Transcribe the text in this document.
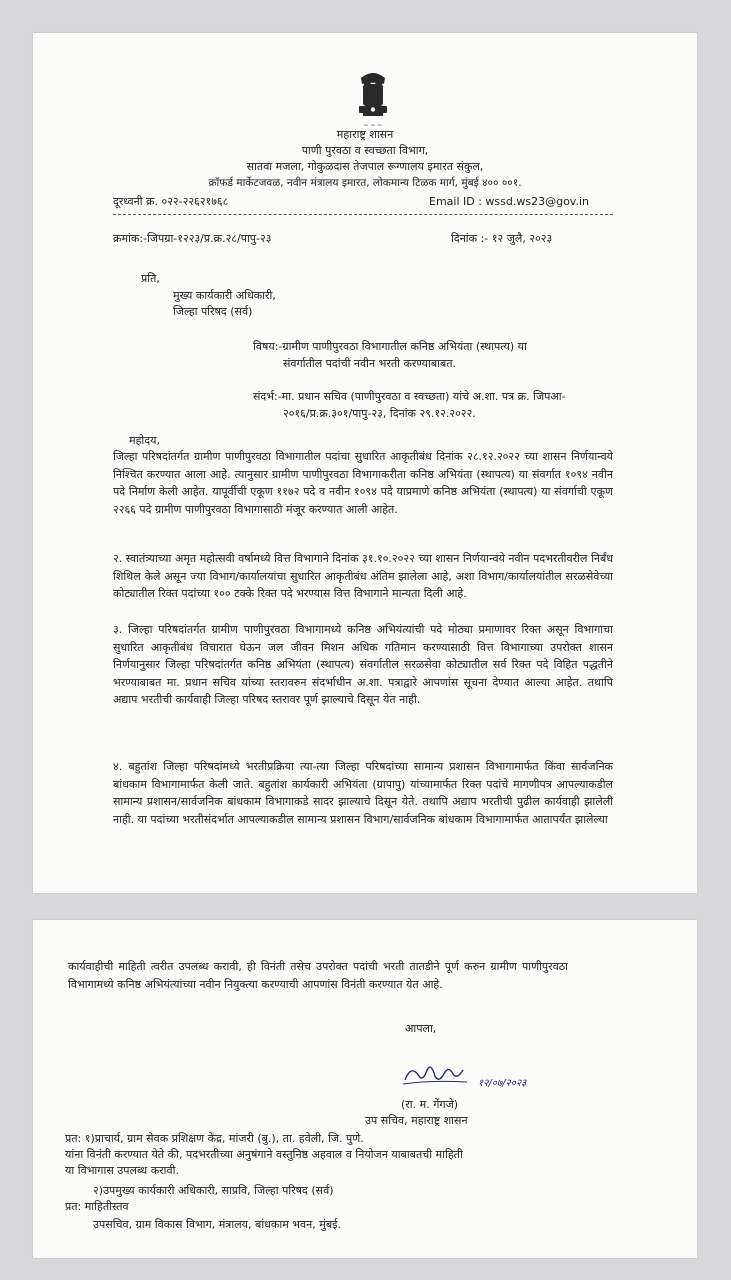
~ ~ ~
महाराष्ट्र शासन
पाणी पुरवठा व स्वच्छता विभाग,
सातवा मजला, गोकुळदास तेजपाल रूग्णालय इमारत संकुल,
क्रॉफर्ड मार्केटजवळ, नवीन मंत्रालय इमारत, लोकमान्य टिळक मार्ग, मुंबई ४०० ००१.
दूरध्वनी क्र. ०२२-२२६२१७६८	Email ID : wssd.ws23@gov.in
क्रमांक:-जिपग्रा-१२२३/प्र.क्र.२८/पापु-२३	दिनांक :- १२ जुलै, २०२३
प्रति,
मुख्य कार्यकारी अधिकारी,
जिल्हा परिषद (सर्व)
विषय:-ग्रामीण पाणीपुरवठा विभागातील कनिष्ठ अभियंता (स्थापत्य) या
संवर्गातील पदांची नवीन भरती करण्याबाबत.
संदर्भ:-मा. प्रधान सचिव (पाणीपुरवठा व स्वच्छता) यांचे अ.शा. पत्र क्र. जिपआ-
२०१६/प्र.क्र.३०१/पापु-२३, दिनांक २९.१२.२०२२.
महोदय,
जिल्हा परिषदांतर्गत ग्रामीण पाणीपुरवठा विभागातील पदांचा सुधारित आकृतीबंध दिनांक २८.१२.२०२२ च्या शासन निर्णयान्वये निश्चित करण्यात आला आहे. त्यानुसार ग्रामीण पाणीपुरवठा विभागाकरीता कनिष्ठ अभियंता (स्थापत्य) या संवर्गात १०९४ नवीन पदे निर्माण केली आहेत. यापूर्वीची एकूण ११७२ पदे व नवीन १०९४ पदे याप्रमाणे कनिष्ठ अभियंता (स्थापत्य) या संवर्गाची एकूण २२६६ पदे ग्रामीण पाणीपुरवठा विभागासाठी मंजूर करण्यात आली आहेत.
२. स्वातंत्र्याच्या अमृत महोत्सवी वर्षामध्ये वित्त विभागाने दिनांक ३१.१०.२०२२ च्या शासन निर्णयान्वये नवीन पदभरतीवरील निर्बंध शिथिल केले असून ज्या विभाग/कार्यालयांचा सुधारित आकृतीबंध अंतिम झालेला आहे, अशा विभाग/कार्यालयांतील सरळसेवेच्या कोट्यातील रिक्त पदांच्या १०० टक्के रिक्त पदे भरण्यास वित्त विभागाने मान्यता दिली आहे.
३. जिल्हा परिषदांतर्गत ग्रामीण पाणीपुरवठा विभागामध्ये कनिष्ठ अभियंत्यांची पदे मोठ्या प्रमाणावर रिक्त असून विभागाचा सुधारित आकृतीबंध विचारात घेऊन जल जीवन मिशन अधिक गतिमान करण्यासाठी वित्त विभागाच्या उपरोक्त शासन निर्णयानुसार जिल्हा परिषदांतर्गत कनिष्ठ अभियंता (स्थापत्य) संवर्गातील सरळसेवा कोट्यातील सर्व रिक्त पदे विहित पद्धतीने भरण्याबाबत मा. प्रधान सचिव यांच्या स्तरावरुन संदर्भाधीन अ.शा. पत्राद्वारे आपणांस सूचना देण्यात आल्या आहेत. तथापि अद्याप भरतीची कार्यवाही जिल्हा परिषद स्तरावर पूर्ण झाल्याचे दिसून येत नाही.
४. बहुतांश जिल्हा परिषदांमध्ये भरतीप्रक्रिया त्या-त्या जिल्हा परिषदांच्या सामान्य प्रशासन विभागामार्फत किंवा सार्वजनिक बांधकाम विभागामार्फत केली जाते. बहुतांश कार्यकारी अभियंता (ग्रापापु) यांच्यामार्फत रिक्त पदांचे मागणीपत्र आपल्याकडील सामान्य प्रशासन/सार्वजनिक बांधकाम विभागाकडे सादर झाल्याचे दिसून येते. तथापि अद्याप भरतीची पुढील कार्यवाही झालेली नाही. या पदांच्या भरतीसंदर्भात आपल्याकडील सामान्य प्रशासन विभाग/सार्वजनिक बांधकाम विभागामार्फत आतापर्यंत झालेल्या
कार्यवाहीची माहिती त्वरीत उपलब्ध करावी, ही विनंती तसेच उपरोक्त पदांची भरती तातडीने पूर्ण करुन ग्रामीण पाणीपुरवठा विभागामध्ये कनिष्ठ अभियंत्यांच्या नवीन नियुक्त्या करण्याची आपणांस विनंती करण्यात येत आहे.
आपला,
१२/०७/२०२३
(रा. म. गेंगजे)
उप सचिव, महाराष्ट्र शासन
प्रत: १)प्राचार्य, ग्राम सेवक प्रशिक्षण केंद्र, मांजरी (बु.), ता. हवेली, जि. पुणे.
यांना विनंती करण्यात येते की, पदभरतीच्या अनुषंगाने वस्तुनिष्ठ अहवाल व नियोजन याबाबतची माहिती
या विभागास उपलब्ध करावी.
२)उपमुख्य कार्यकारी अधिकारी, साप्रवि, जिल्हा परिषद (सर्व)
प्रत: माहितीस्तव
उपसचिव, ग्राम विकास विभाग, मंत्रालय, बांधकाम भवन, मुंबई.
